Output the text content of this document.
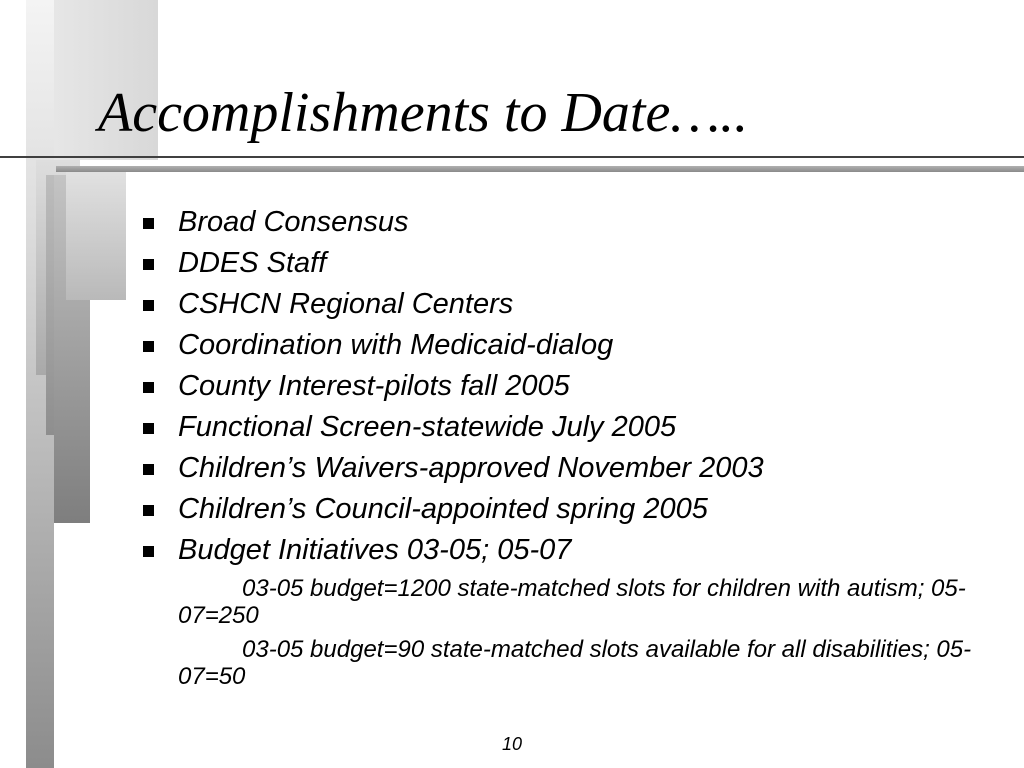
Accomplishments to Date…..
Broad Consensus
DDES Staff
CSHCN Regional Centers
Coordination with Medicaid-dialog
County Interest-pilots fall 2005
Functional Screen-statewide July 2005
Children’s Waivers-approved November 2003
Children’s Council-appointed spring 2005
Budget Initiatives 03-05; 05-07

03-05 budget=1200 state-matched slots for children with autism; 05-07=250

03-05 budget=90 state-matched slots available for all disabilities; 05-07=50

10
